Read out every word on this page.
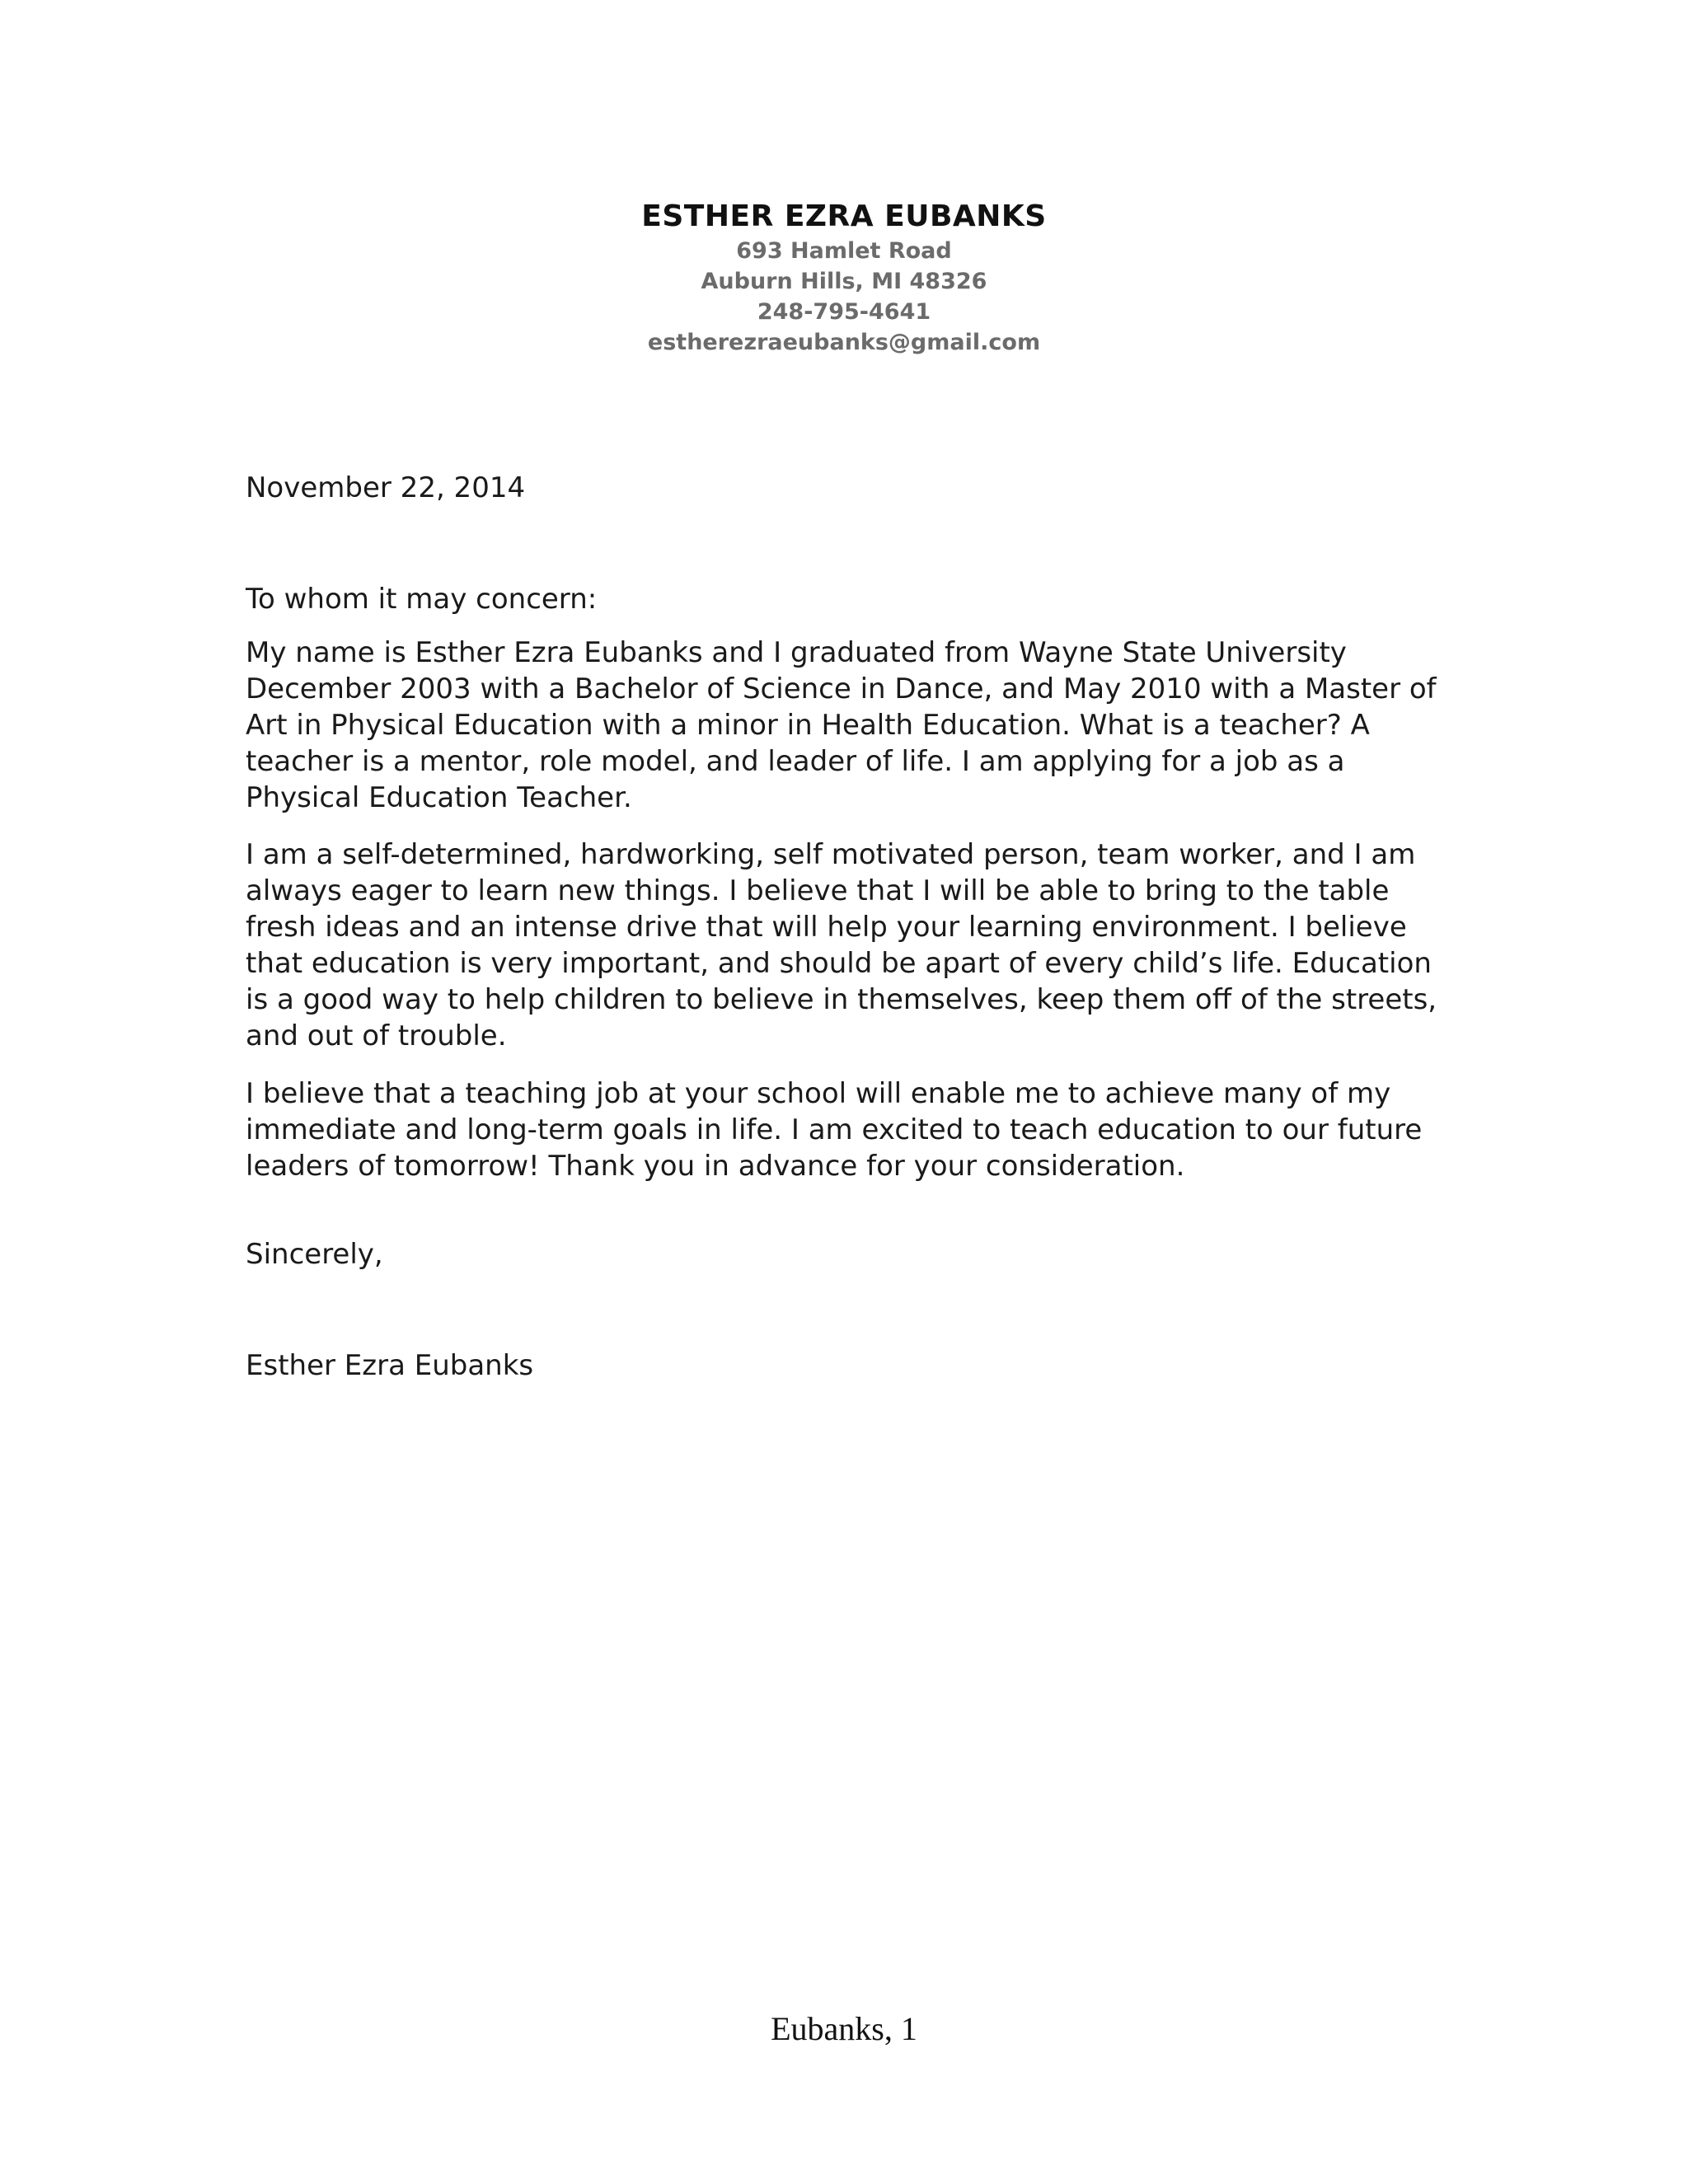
ESTHER EZRA EUBANKS
693 Hamlet Road
Auburn Hills, MI 48326
248-795-4641
estherezraeubanks@gmail.com
November 22, 2014
To whom it may concern:

My name is Esther Ezra Eubanks and I graduated from Wayne State University December 2003 with a Bachelor of Science in Dance, and May 2010 with a Master of Art in Physical Education with a minor in Health Education. What is a teacher? A teacher is a mentor, role model, and leader of life. I am applying for a job as a Physical Education Teacher.

I am a self-determined, hardworking, self motivated person, team worker, and I am always eager to learn new things. I believe that I will be able to bring to the table fresh ideas and an intense drive that will help your learning environment. I believe that education is very important, and should be apart of every child’s life. Education is a good way to help children to believe in themselves, keep them off of the streets, and out of trouble.

I believe that a teaching job at your school will enable me to achieve many of my immediate and long-term goals in life. I am excited to teach education to our future leaders of tomorrow! Thank you in advance for your consideration.

Sincerely,
Esther Ezra Eubanks
Eubanks, 1
